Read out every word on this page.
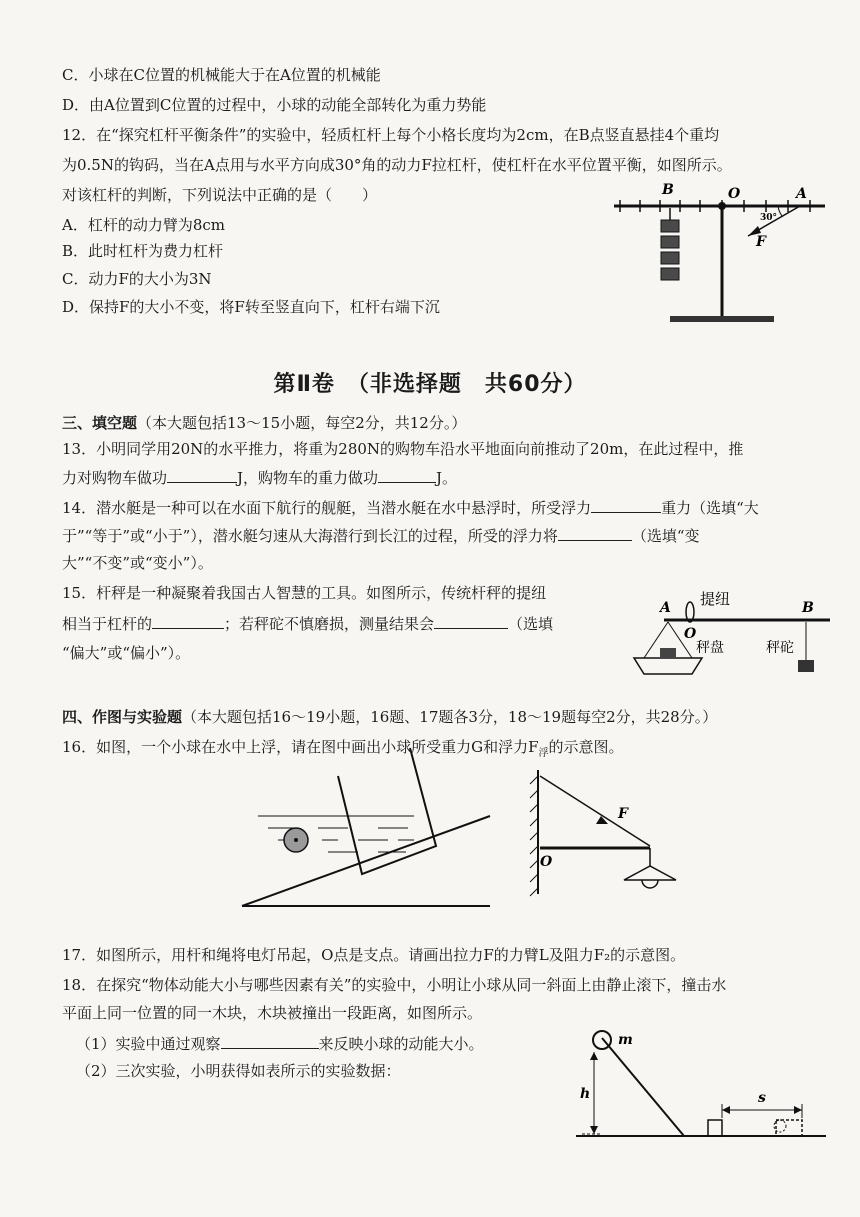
C．小球在C位置的机械能大于在A位置的机械能
D．由A位置到C位置的过程中，小球的动能全部转化为重力势能
12．在“探究杠杆平衡条件”的实验中，轻质杠杆上每个小格长度均为2cm，在B点竖直悬挂4个重均
为0.5N的钩码，当在A点用与水平方向成30°角的动力F拉杠杆，使杠杆在水平位置平衡，如图所示。
对该杠杆的判断，下列说法中正确的是（　　）
A．杠杆的动力臂为8cm
B．此时杠杆为费力杠杆
C．动力F的大小为3N
D．保持F的大小不变，将F转至竖直向下，杠杆右端下沉
B	O	A
30°
F
第Ⅱ卷　（非选择题　共60分）
三、填空题（本大题包括13～15小题，每空2分，共12分。）
13．小明同学用20N的水平推力，将重为280N的购物车沿水平地面向前推动了20m，在此过程中，推
力对购物车做功	J，购物车的重力做功	J。
14．潜水艇是一种可以在水面下航行的舰艇，当潜水艇在水中悬浮时，所受浮力	重力（选填“大
于”“等于”或“小于”），潜水艇匀速从大海潜行到长江的过程，所受的浮力将	（选填“变
大”“不变”或“变小”）。
15．杆秤是一种凝聚着我国古人智慧的工具。如图所示，传统杆秤的提纽
相当于杠杆的	；若秤砣不慎磨损，测量结果会	（选填
“偏大”或“偏小”）。
A
O
B
提纽
秤盘	秤砣
四、作图与实验题（本大题包括16～19小题，16题、17题各3分，18～19题每空2分，共28分。）
16．如图，一个小球在水中上浮，请在图中画出小球所受重力G和浮力$F_浮$的示意图。
F
O
17．如图所示，用杆和绳将电灯吊起，O点是支点。请画出拉力F的力臂L及阻力F₂的示意图。
18．在探究“物体动能大小与哪些因素有关”的实验中，小明让小球从同一斜面上由静止滚下，撞击水
平面上同一位置的同一木块，木块被撞出一段距离，如图所示。
（1）实验中通过观察	来反映小球的动能大小。
（2）三次实验，小明获得如表所示的实验数据：
m
h	s
